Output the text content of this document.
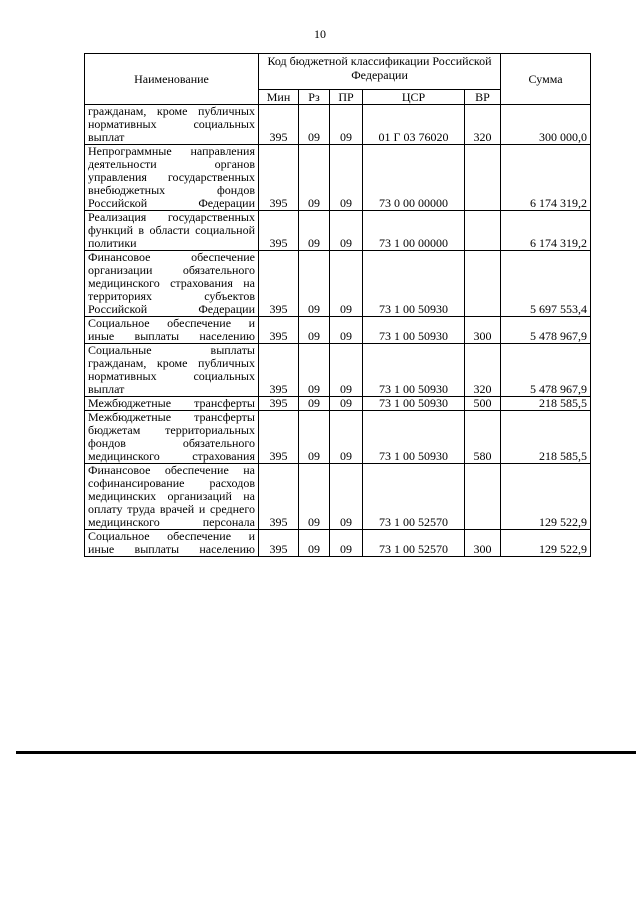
10
Наименование	Код бюджетной классификации Российской Федерации					Сумма
	Мин	Рз	ПР	ЦСР	ВР	
гражданам, кроме публичных нормативных социальных выплат	395	09	09	01 Г 03 76020	320	300 000,0
Непрограммные направления деятельности органов управления государственных внебюджетных фондов Российской Федерации	395	09	09	73 0 00 00000		6 174 319,2
Реализация государственных функций в области социальной политики	395	09	09	73 1 00 00000		6 174 319,2
Финансовое обеспечение организации обязательного медицинского страхования на территориях субъектов Российской Федерации	395	09	09	73 1 00 50930		5 697 553,4
Социальное обеспечение и иные выплаты населению	395	09	09	73 1 00 50930	300	5 478 967,9
Социальные выплаты гражданам, кроме публичных нормативных социальных выплат	395	09	09	73 1 00 50930	320	5 478 967,9
Межбюджетные трансферты	395	09	09	73 1 00 50930	500	218 585,5
Межбюджетные трансферты бюджетам территориальных фондов обязательного медицинского страхования	395	09	09	73 1 00 50930	580	218 585,5
Финансовое обеспечение на софинансирование расходов медицинских организаций на оплату труда врачей и среднего медицинского персонала	395	09	09	73 1 00 52570		129 522,9
Социальное обеспечение и иные выплаты населению	395	09	09	73 1 00 52570	300	129 522,9
